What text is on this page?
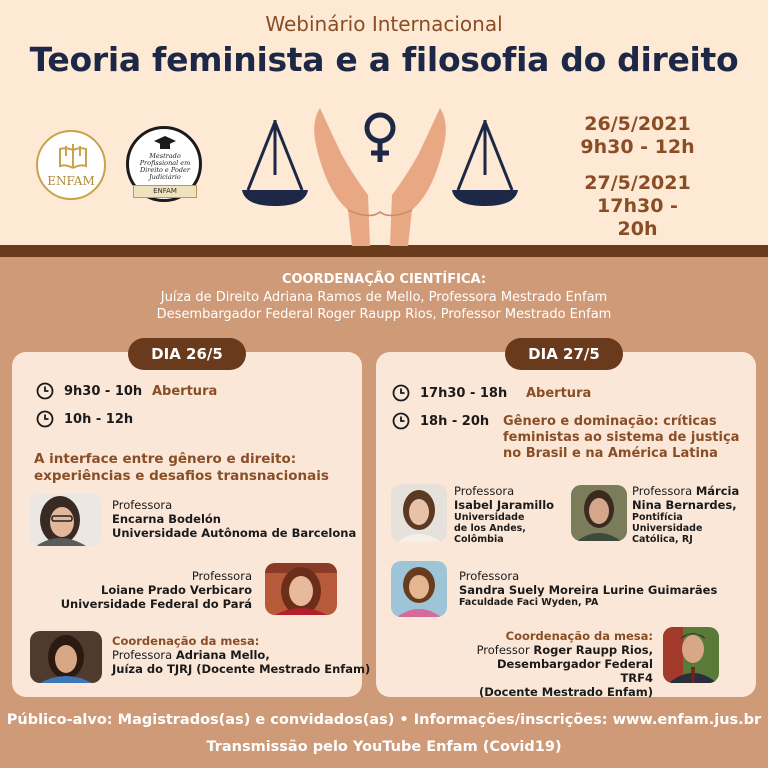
Webinário Internacional
Teoria feminista e a filosofia do direito
ENFAM
Mestrado Profissional em Direito e Poder Judiciário
ENFAM
26/5/2021
9h30 - 12h
27/5/2021
17h30 - 20h
COORDENAÇÃO CIENTÍFICA:
Juíza de Direito Adriana Ramos de Mello, Professora Mestrado Enfam
Desembargador Federal Roger Raupp Rios, Professor Mestrado Enfam
DIA 26/5
9h30 - 10h Abertura
10h - 12h
A interface entre gênero e direito:
experiências e desafios transnacionais
Professora
Encarna Bodelón
Universidade Autônoma de Barcelona
Professora
Loiane Prado Verbicaro
Universidade Federal do Pará
Coordenação da mesa:
Professora Adriana Mello,
Juíza do TJRJ (Docente Mestrado Enfam)
DIA 27/5
17h30 - 18h Abertura
18h - 20h Gênero e dominação: críticas
feministas ao sistema de justiça
no Brasil e na América Latina
Professora
Isabel Jaramillo
Universidade
de los Andes,
Colômbia
Professora Márcia
Nina Bernardes,
Pontifícia
Universidade
Católica, RJ
Professora
Sandra Suely Moreira Lurine Guimarães
Faculdade Faci Wyden, PA
Coordenação da mesa:
Professor Roger Raupp Rios,
Desembargador Federal TRF4
(Docente Mestrado Enfam)
Público-alvo: Magistrados(as) e convidados(as) • Informações/inscrições: www.enfam.jus.br
Transmissão pelo YouTube Enfam (Covid19)
